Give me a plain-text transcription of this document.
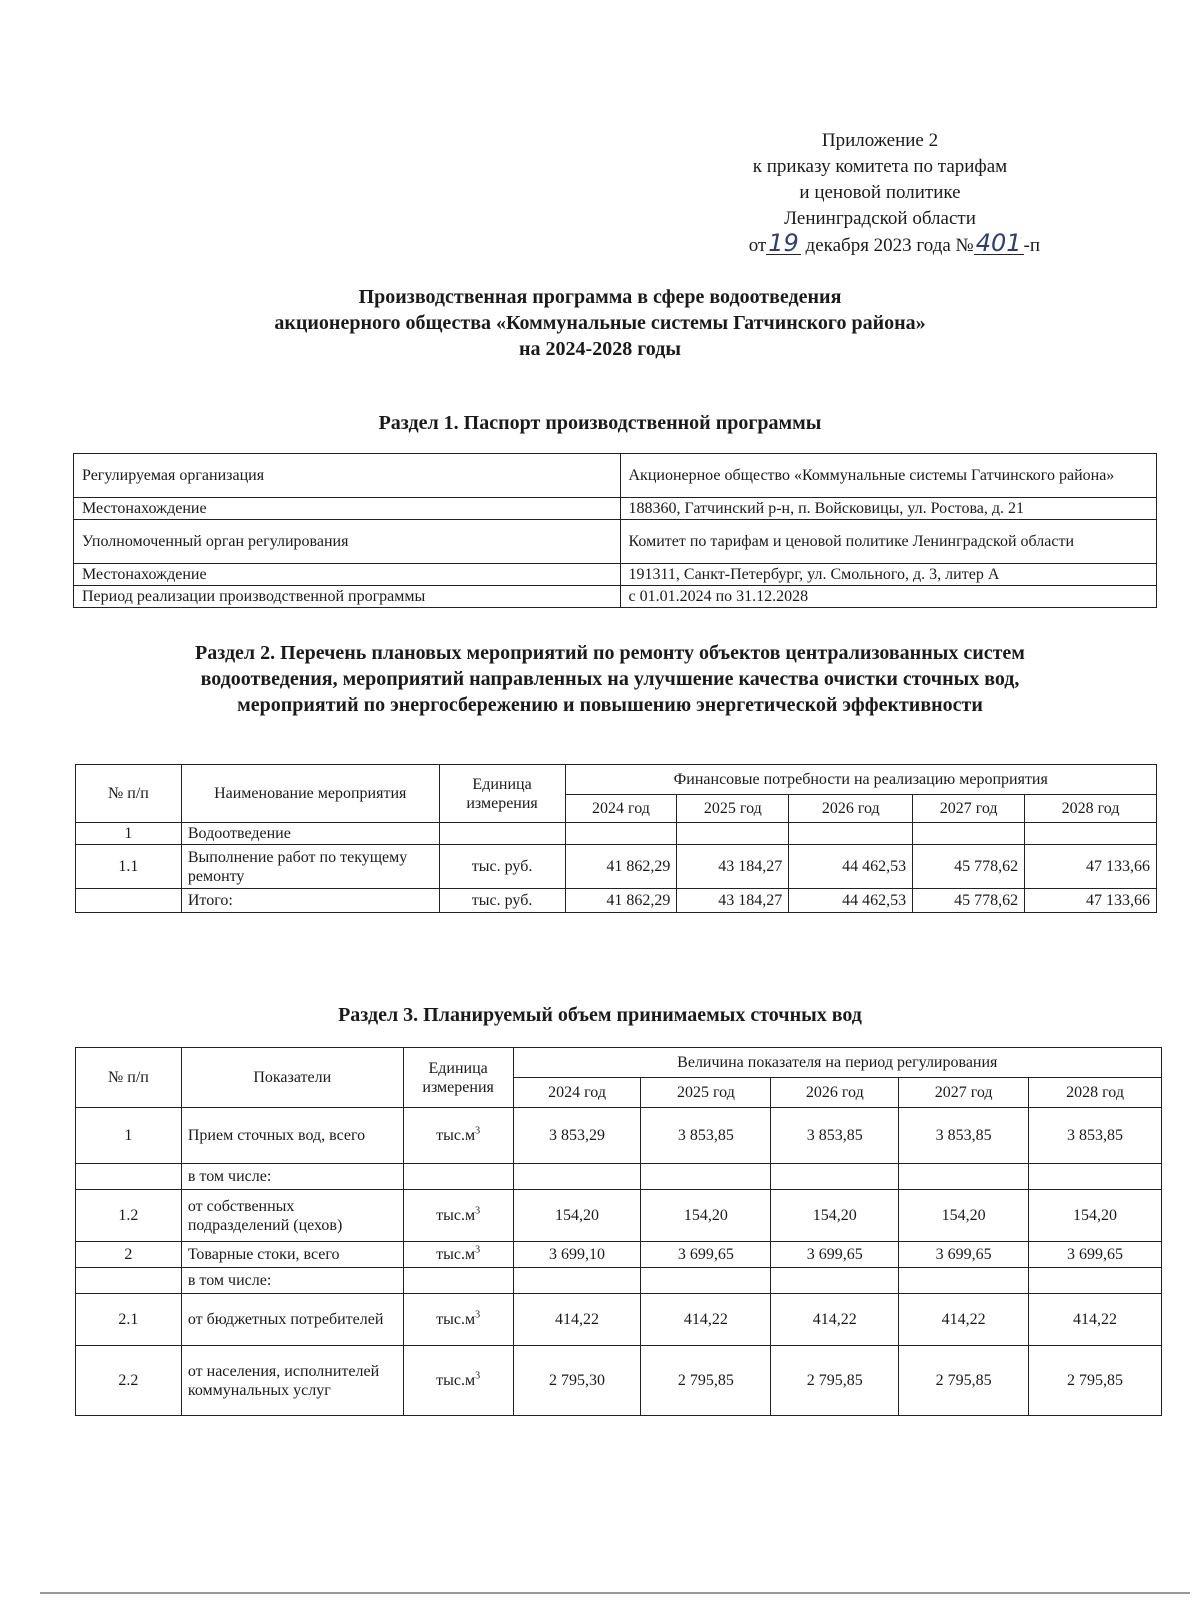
Приложение 2
к приказу комитета по тарифам
и ценовой политике
Ленинградской области
от19 декабря 2023 года №401 -п
Производственная программа в сфере водоотведения
акционерного общества «Коммунальные системы Гатчинского района»
на 2024-2028 годы
Раздел 1. Паспорт производственной программы
Регулируемая организация	Акционерное общество «Коммунальные системы Гатчинского района»
Местонахождение	188360, Гатчинский р-н, п. Войсковицы, ул. Ростова, д. 21
Уполномоченный орган регулирования	Комитет по тарифам и ценовой политике Ленинградской области
Местонахождение	191311, Санкт-Петербург, ул. Смольного, д. 3, литер А
Период реализации производственной программы	с 01.01.2024 по 31.12.2028
Раздел 2. Перечень плановых мероприятий по ремонту объектов централизованных систем
водоотведения, мероприятий направленных на улучшение качества очистки сточных вод,
мероприятий по энергосбережению и повышению энергетической эффективности
№ п/п	Наименование мероприятия	Единица измерения	Финансовые потребности на реализацию мероприятия				
			2024 год	2025 год	2026 год	2027 год	2028 год
1	Водоотведение						
1.1	Выполнение работ по текущему ремонту	тыс. руб.	41 862,29	43 184,27	44 462,53	45 778,62	47 133,66
	Итого:	тыс. руб.	41 862,29	43 184,27	44 462,53	45 778,62	47 133,66
Раздел 3. Планируемый объем принимаемых сточных вод
№ п/п	Показатели	Единица измерения	Величина показателя на период регулирования				
			2024 год	2025 год	2026 год	2027 год	2028 год
1	Прием сточных вод, всего	$тыс.м^3$	3 853,29	3 853,85	3 853,85	3 853,85	3 853,85
	в том числе:						
1.2	от собственных подразделений (цехов)	$тыс.м^3$	154,20	154,20	154,20	154,20	154,20
2	Товарные стоки, всего	$тыс.м^3$	3 699,10	3 699,65	3 699,65	3 699,65	3 699,65
	в том числе:						
2.1	от бюджетных потребителей	$тыс.м^3$	414,22	414,22	414,22	414,22	414,22
2.2	от населения, исполнителей коммунальных услуг	$тыс.м^3$	2 795,30	2 795,85	2 795,85	2 795,85	2 795,85
